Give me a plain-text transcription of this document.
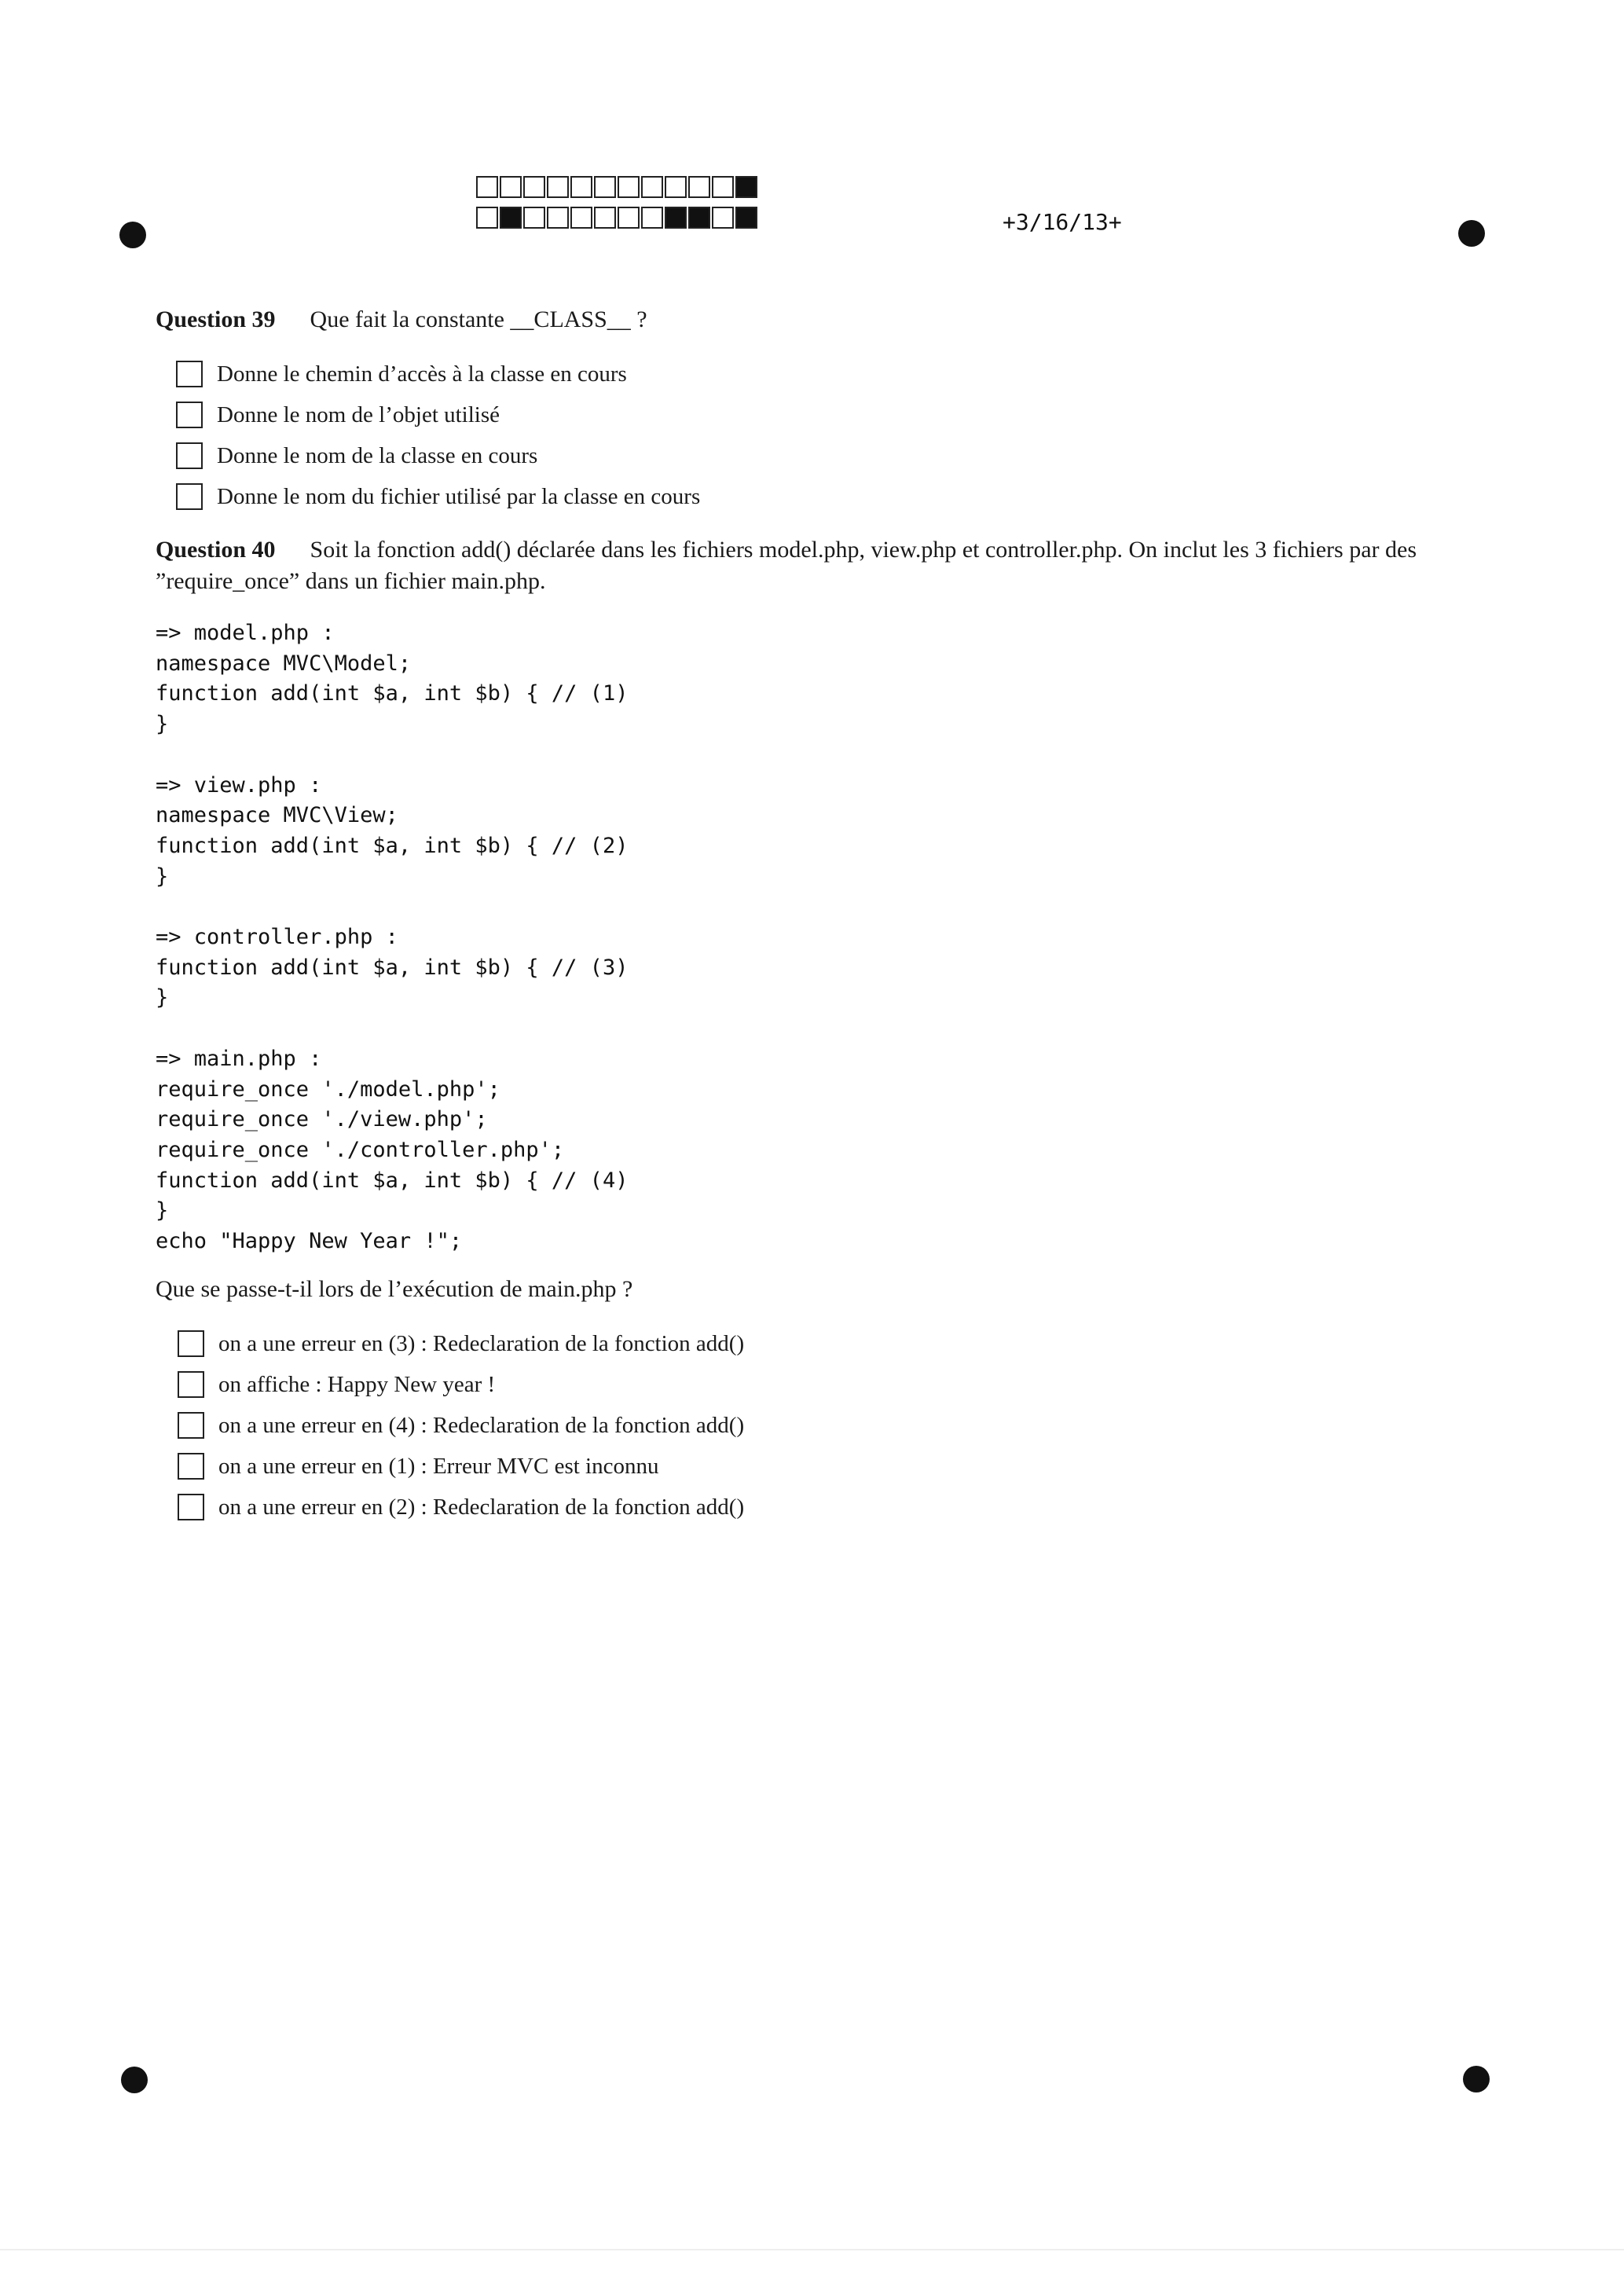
+3/16/13+
Question 39 Que fait la constante __CLASS__ ?
Donne le chemin d’accès à la classe en cours
Donne le nom de l’objet utilisé
Donne le nom de la classe en cours
Donne le nom du fichier utilisé par la classe en cours
Question 40 Soit la fonction add() déclarée dans les fichiers model.php, view.php et controller.php. On inclut les 3 fichiers par des ”require_once” dans un fichier main.php.
=> model.php :
namespace MVC\Model;
function add(int $a, int $b) { // (1)
}

=> view.php :
namespace MVC\View;
function add(int $a, int $b) { // (2)
}

=> controller.php :
function add(int $a, int $b) { // (3)
}

=> main.php :
require_once './model.php';
require_once './view.php';
require_once './controller.php';
function add(int $a, int $b) { // (4)
}
echo "Happy New Year !";
Que se passe-t-il lors de l’exécution de main.php ?
on a une erreur en (3) : Redeclaration de la fonction add()
on affiche : Happy New year !
on a une erreur en (4) : Redeclaration de la fonction add()
on a une erreur en (1) : Erreur MVC est inconnu
on a une erreur en (2) : Redeclaration de la fonction add()
